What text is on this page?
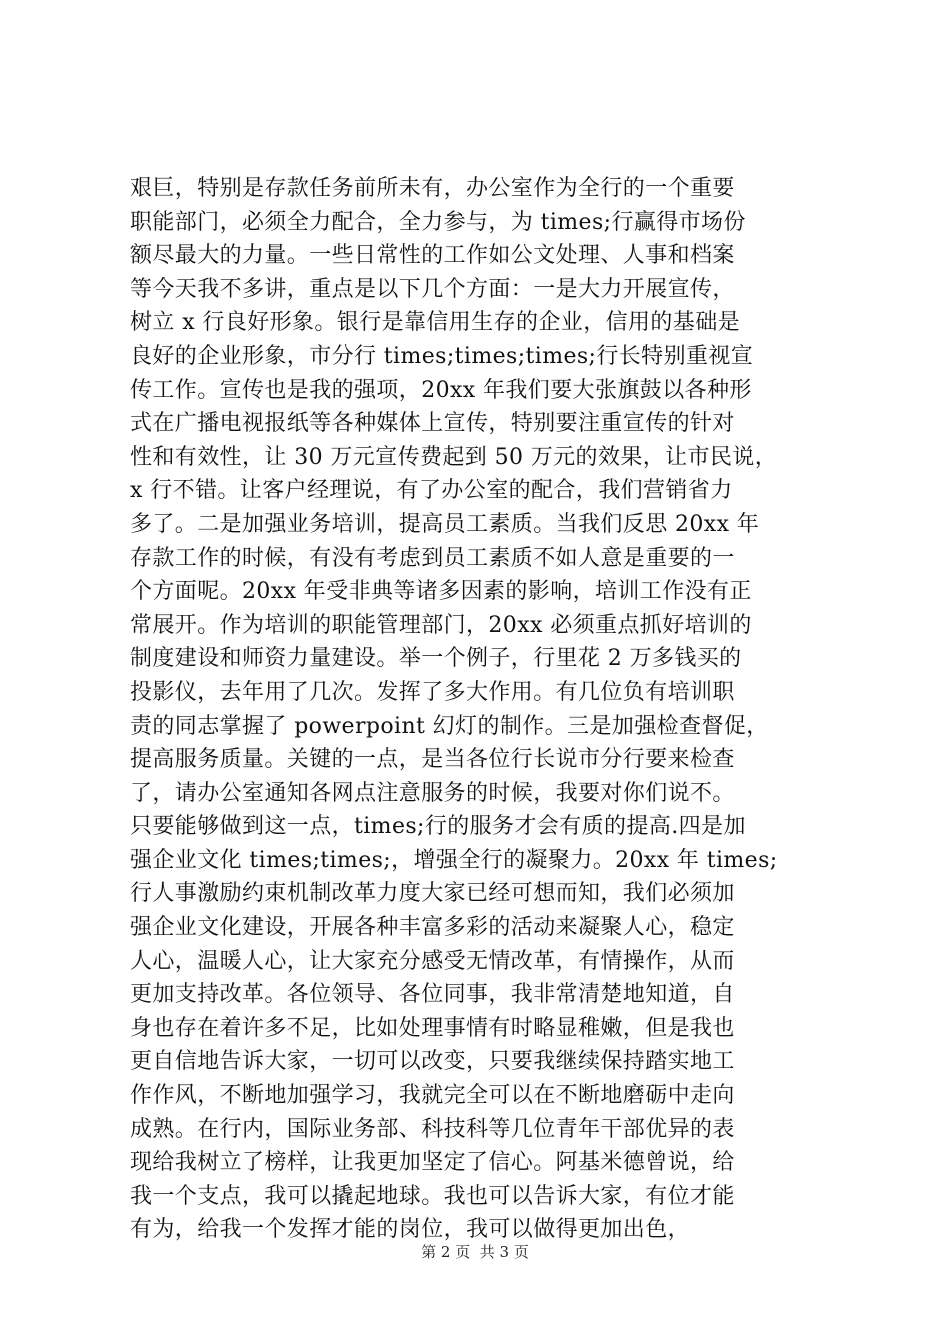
艰巨，特别是存款任务前所未有，办公室作为全行的一个重要
职能部门，必须全力配合，全力参与，为 times;行赢得市场份
额尽最大的力量。一些日常性的工作如公文处理、人事和档案
等今天我不多讲，重点是以下几个方面：一是大力开展宣传，
树立 x 行良好形象。银行是靠信用生存的企业，信用的基础是
良好的企业形象，市分行 times;times;times;行长特别重视宣
传工作。宣传也是我的强项，20xx 年我们要大张旗鼓以各种形
式在广播电视报纸等各种媒体上宣传，特别要注重宣传的针对
性和有效性，让 30 万元宣传费起到 50 万元的效果，让市民说，
x 行不错。让客户经理说，有了办公室的配合，我们营销省力
多了。二是加强业务培训，提高员工素质。当我们反思 20xx 年
存款工作的时候，有没有考虑到员工素质不如人意是重要的一
个方面呢。20xx 年受非典等诸多因素的影响，培训工作没有正
常展开。作为培训的职能管理部门，20xx 必须重点抓好培训的
制度建设和师资力量建设。举一个例子，行里花 2 万多钱买的
投影仪，去年用了几次。发挥了多大作用。有几位负有培训职
责的同志掌握了 powerpoint 幻灯的制作。三是加强检查督促，
提高服务质量。关键的一点，是当各位行长说市分行要来检查
了，请办公室通知各网点注意服务的时候，我要对你们说不。
只要能够做到这一点，times;行的服务才会有质的提高.四是加
强企业文化 times;times;，增强全行的凝聚力。20xx 年 times;
行人事激励约束机制改革力度大家已经可想而知，我们必须加
强企业文化建设，开展各种丰富多彩的活动来凝聚人心，稳定
人心，温暖人心，让大家充分感受无情改革，有情操作，从而
更加支持改革。各位领导、各位同事，我非常清楚地知道，自
身也存在着许多不足，比如处理事情有时略显稚嫩，但是我也
更自信地告诉大家，一切可以改变，只要我继续保持踏实地工
作作风，不断地加强学习，我就完全可以在不断地磨砺中走向
成熟。在行内，国际业务部、科技科等几位青年干部优异的表
现给我树立了榜样，让我更加坚定了信心。阿基米德曾说，给
我一个支点，我可以撬起地球。我也可以告诉大家，有位才能
有为，给我一个发挥才能的岗位，我可以做得更加出色，
第 2 页  共 3 页
